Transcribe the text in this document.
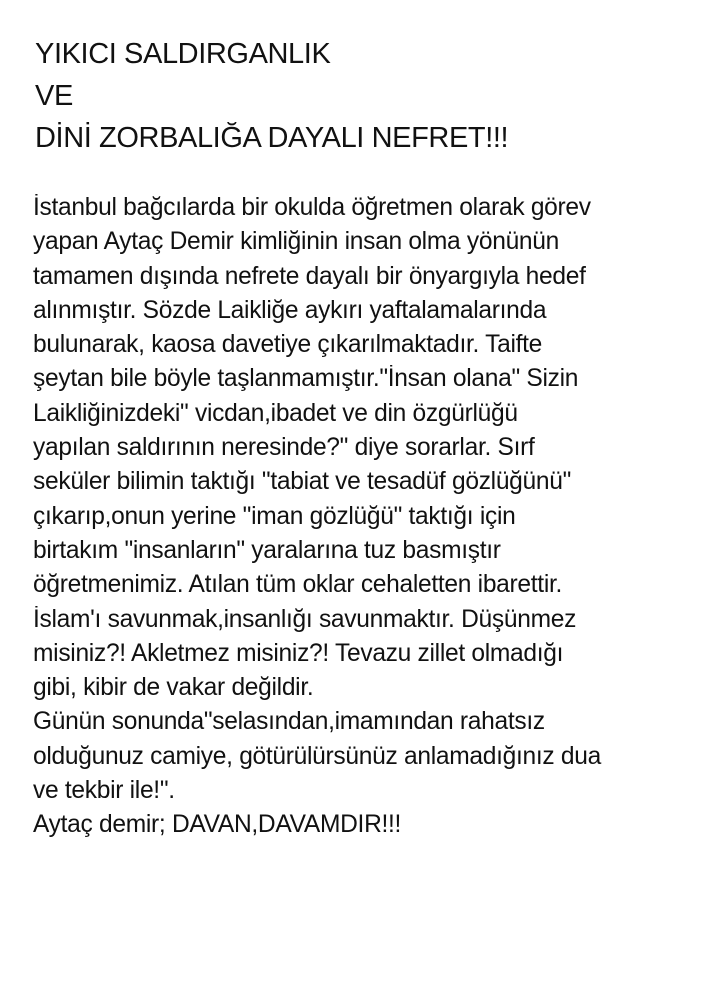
YIKICI SALDIRGANLIK
VE
DİNİ ZORBALIĞA DAYALI NEFRET!!!
İstanbul bağcılarda bir okulda öğretmen olarak görev
yapan Aytaç Demir kimliğinin insan olma yönünün
tamamen dışında nefrete dayalı bir önyargıyla hedef
alınmıştır. Sözde Laikliğe aykırı yaftalamalarında
bulunarak, kaosa davetiye çıkarılmaktadır. Taifte
şeytan bile böyle taşlanmamıştır."İnsan olana" Sizin
Laikliğinizdeki" vicdan,ibadet ve din özgürlüğü
yapılan saldırının neresinde?" diye sorarlar. Sırf
seküler bilimin taktığı "tabiat ve tesadüf gözlüğünü"
çıkarıp,onun yerine "iman gözlüğü" taktığı için
birtakım "insanların" yaralarına tuz basmıştır
öğretmenimiz. Atılan tüm oklar cehaletten ibarettir.
İslam'ı savunmak,insanlığı savunmaktır. Düşünmez
misiniz?! Akletmez misiniz?! Tevazu zillet olmadığı
gibi, kibir de vakar değildir.
Günün sonunda"selasından,imamından rahatsız
olduğunuz camiye, götürülürsünüz anlamadığınız dua
ve tekbir ile!".
Aytaç demir; DAVAN,DAVAMDIR!!!
